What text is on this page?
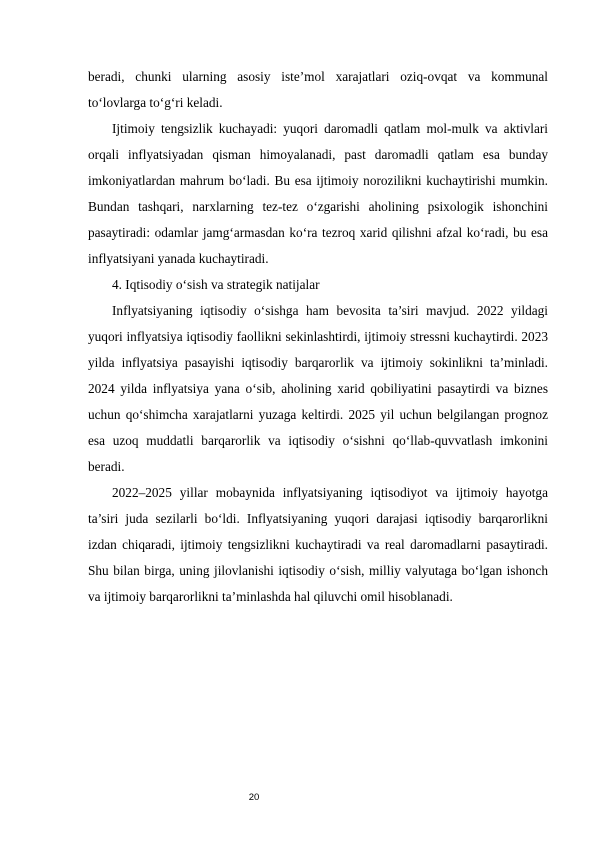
beradi, chunki ularning asosiy iste’mol xarajatlari oziq-ovqat va kommunal to‘lovlarga to‘g‘ri keladi.

Ijtimoiy tengsizlik kuchayadi: yuqori daromadli qatlam mol-mulk va aktivlari orqali inflyatsiyadan qisman himoyalanadi, past daromadli qatlam esa bunday imkoniyatlardan mahrum bo‘ladi. Bu esa ijtimoiy norozilikni kuchaytirishi mumkin. Bundan tashqari, narxlarning tez-tez o‘zgarishi aholining psixologik ishonchini pasaytiradi: odamlar jamg‘armasdan ko‘ra tezroq xarid qilishni afzal ko‘radi, bu esa inflyatsiyani yanada kuchaytiradi.

4. Iqtisodiy o‘sish va strategik natijalar

Inflyatsiyaning iqtisodiy o‘sishga ham bevosita ta’siri mavjud. 2022 yildagi yuqori inflyatsiya iqtisodiy faollikni sekinlashtirdi, ijtimoiy stressni kuchaytirdi. 2023 yilda inflyatsiya pasayishi iqtisodiy barqarorlik va ijtimoiy sokinlikni ta’minladi. 2024 yilda inflyatsiya yana o‘sib, aholining xarid qobiliyatini pasaytirdi va biznes uchun qo‘shimcha xarajatlarni yuzaga keltirdi. 2025 yil uchun belgilangan prognoz esa uzoq muddatli barqarorlik va iqtisodiy o‘sishni qo‘llab-quvvatlash imkonini beradi.

2022–2025 yillar mobaynida inflyatsiyaning iqtisodiyot va ijtimoiy hayotga ta’siri juda sezilarli bo‘ldi. Inflyatsiyaning yuqori darajasi iqtisodiy barqarorlikni izdan chiqaradi, ijtimoiy tengsizlikni kuchaytiradi va real daromadlarni pasaytiradi. Shu bilan birga, uning jilovlanishi iqtisodiy o‘sish, milliy valyutaga bo‘lgan ishonch va ijtimoiy barqarorlikni ta’minlashda hal qiluvchi omil hisoblanadi.

20
